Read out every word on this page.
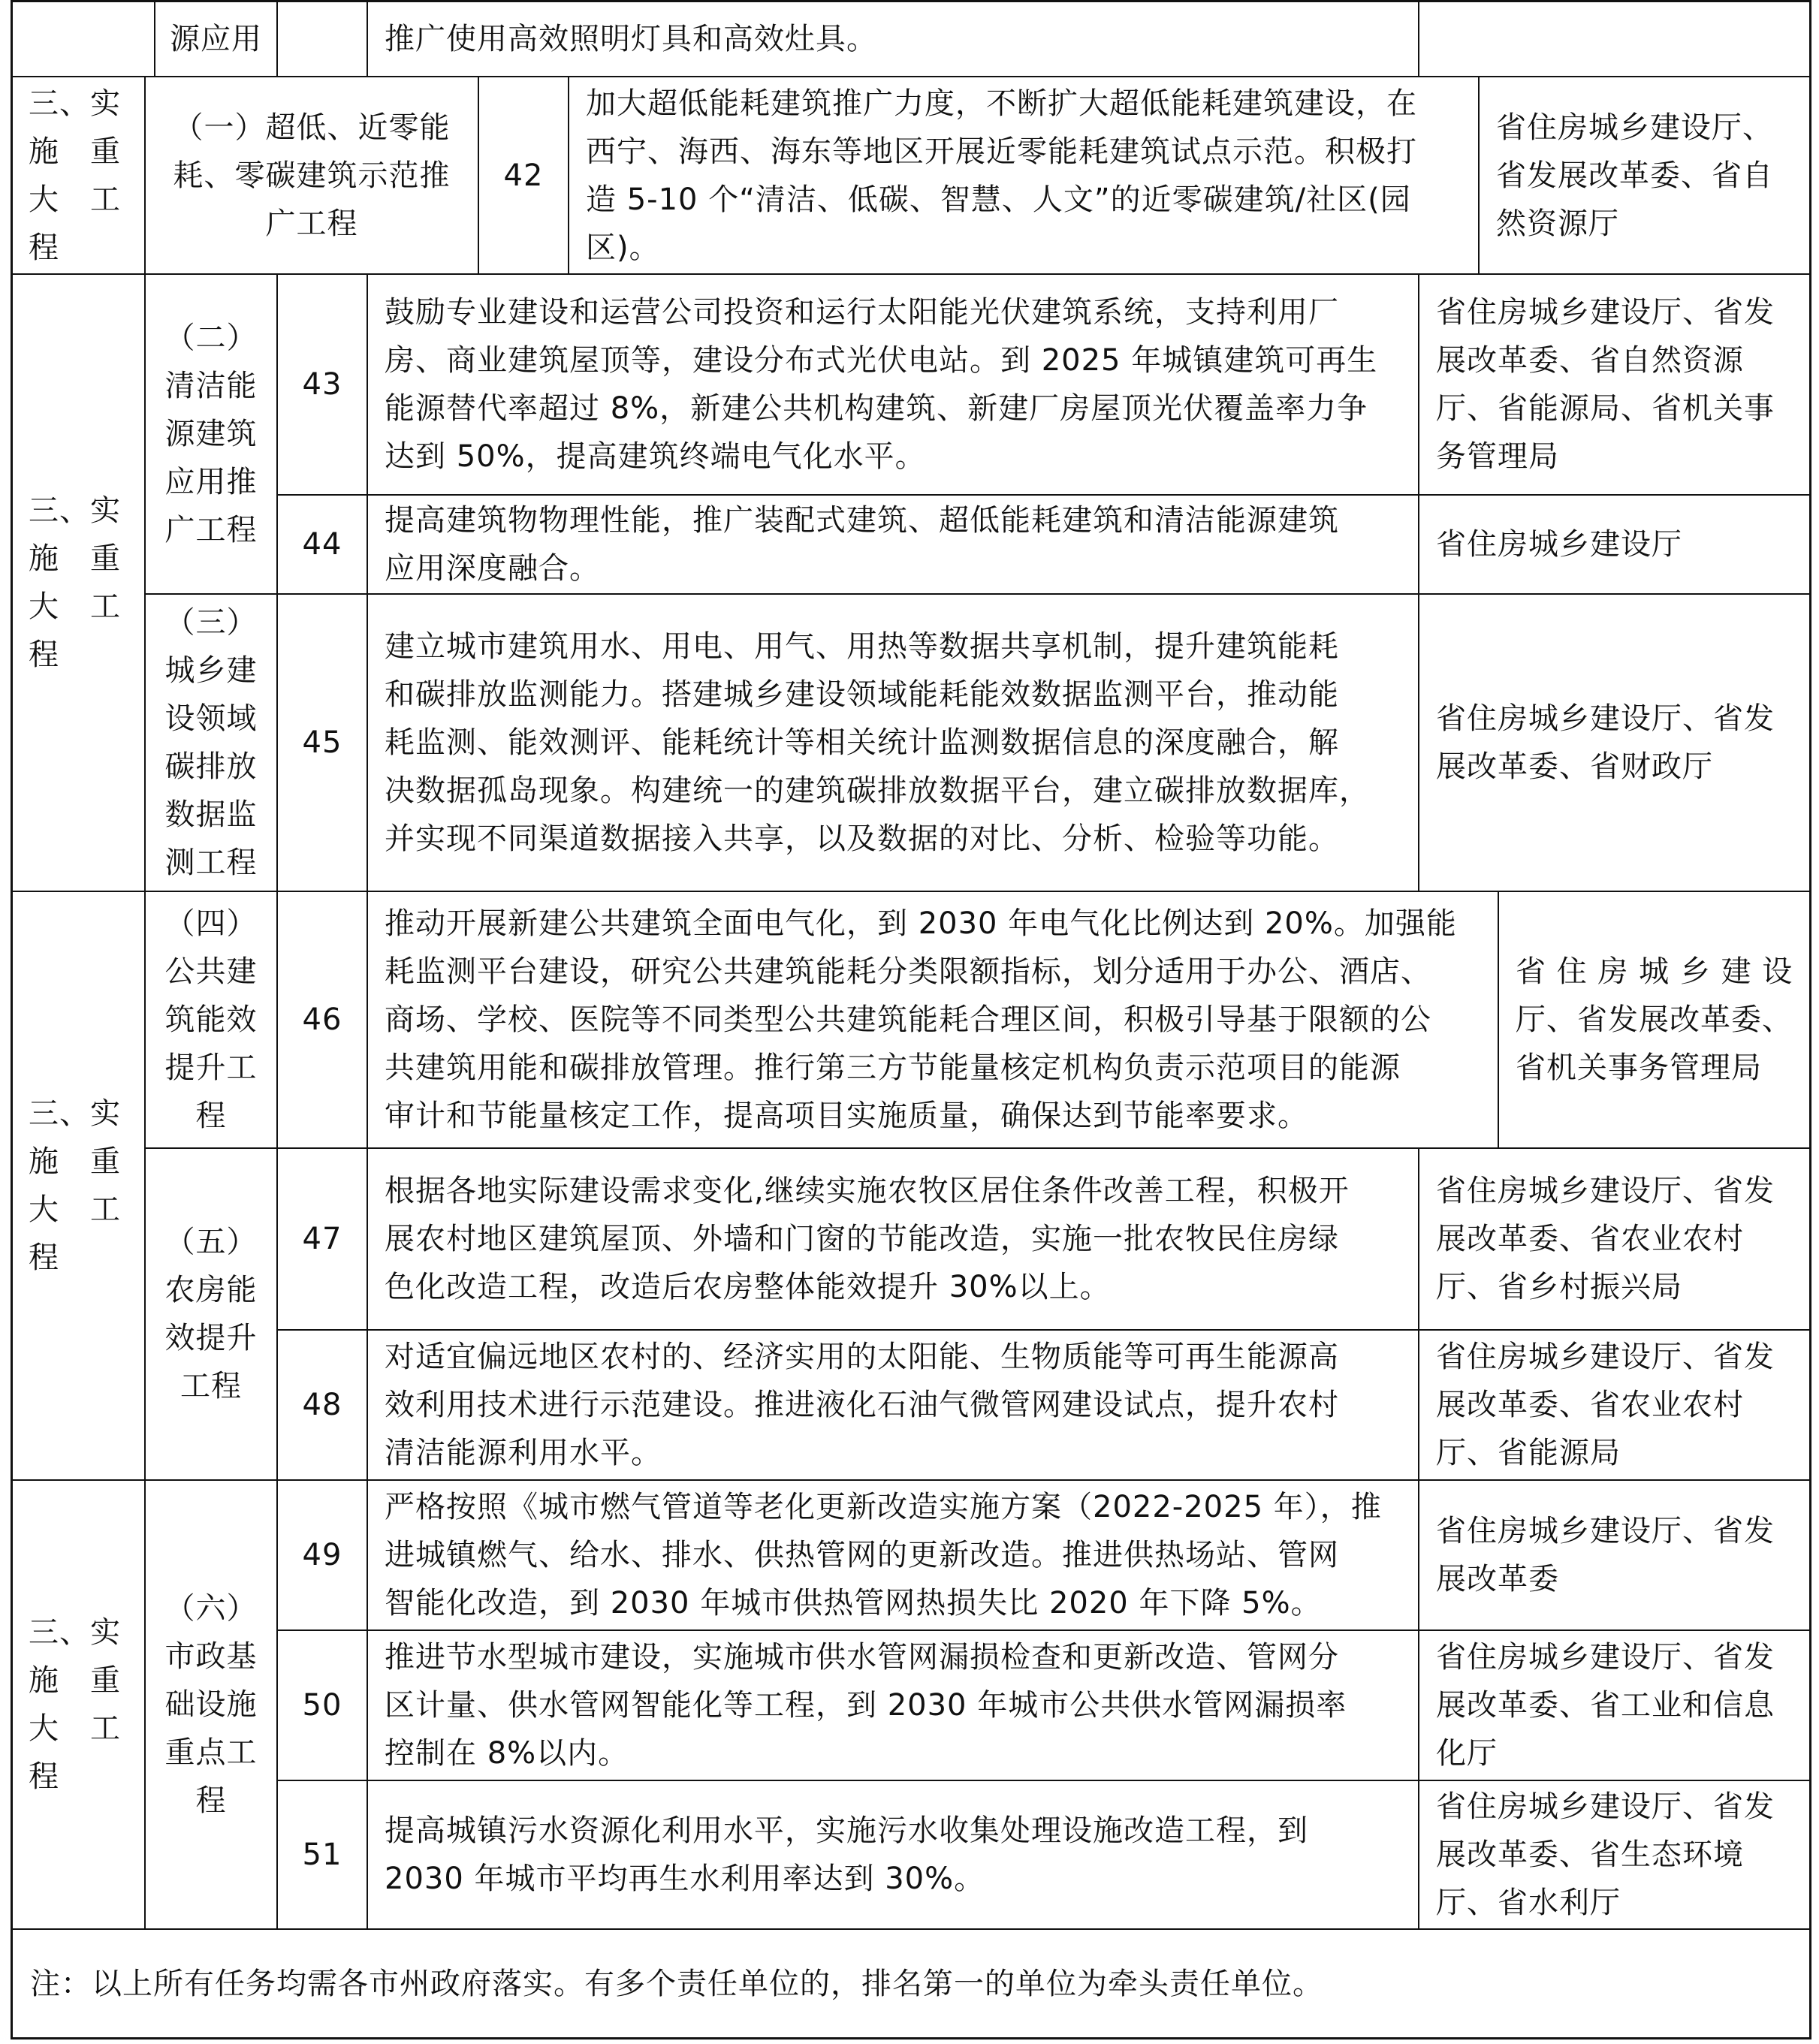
源应用	推广使用高效照明灯具和高效灶具。
三、实
施　重
大　工
程
（一）超低、近零能
耗、零碳建筑示范推
广工程
42
加大超低能耗建筑推广力度，不断扩大超低能耗建筑建设，在
西宁、海西、海东等地区开展近零能耗建筑试点示范。积极打
造 5-10 个“清洁、低碳、智慧、人文”的近零碳建筑/社区(园区)。
省住房城乡建设厅、
省发展改革委、省自
然资源厅
三、实
施　重
大　工
程
（二）
清洁能
源建筑
应用推
广工程
43
鼓励专业建设和运营公司投资和运行太阳能光伏建筑系统，支持利用厂
房、商业建筑屋顶等，建设分布式光伏电站。到 2025 年城镇建筑可再生
能源替代率超过 8%，新建公共机构建筑、新建厂房屋顶光伏覆盖率力争
达到 50%，提高建筑终端电气化水平。
省住房城乡建设厅、省发
展改革委、省自然资源
厅、省能源局、省机关事
务管理局
44
提高建筑物物理性能，推广装配式建筑、超低能耗建筑和清洁能源建筑
应用深度融合。
省住房城乡建设厅
（三）
城乡建
设领域
碳排放
数据监
测工程
45
建立城市建筑用水、用电、用气、用热等数据共享机制，提升建筑能耗
和碳排放监测能力。搭建城乡建设领域能耗能效数据监测平台，推动能
耗监测、能效测评、能耗统计等相关统计监测数据信息的深度融合，解
决数据孤岛现象。构建统一的建筑碳排放数据平台，建立碳排放数据库，
并实现不同渠道数据接入共享，以及数据的对比、分析、检验等功能。
省住房城乡建设厅、省发
展改革委、省财政厅
三、实
施　重
大　工
程
（四）
公共建
筑能效
提升工
程
46
推动开展新建公共建筑全面电气化，到 2030 年电气化比例达到 20%。加强能
耗监测平台建设，研究公共建筑能耗分类限额指标，划分适用于办公、酒店、
商场、学校、医院等不同类型公共建筑能耗合理区间，积极引导基于限额的公
共建筑用能和碳排放管理。推行第三方节能量核定机构负责示范项目的能源
审计和节能量核定工作，提高项目实施质量，确保达到节能率要求。
省 住 房 城 乡 建 设
厅、省发展改革委、
省机关事务管理局
（五）
农房能
效提升
工程
47
根据各地实际建设需求变化,继续实施农牧区居住条件改善工程，积极开
展农村地区建筑屋顶、外墙和门窗的节能改造，实施一批农牧民住房绿
色化改造工程，改造后农房整体能效提升 30%以上。
省住房城乡建设厅、省发
展改革委、省农业农村
厅、省乡村振兴局
48
对适宜偏远地区农村的、经济实用的太阳能、生物质能等可再生能源高
效利用技术进行示范建设。推进液化石油气微管网建设试点，提升农村
清洁能源利用水平。
省住房城乡建设厅、省发
展改革委、省农业农村
厅、省能源局
三、实
施　重
大　工
程
（六）
市政基
础设施
重点工
程
49
严格按照《城市燃气管道等老化更新改造实施方案（2022-2025 年），推
进城镇燃气、给水、排水、供热管网的更新改造。推进供热场站、管网
智能化改造，到 2030 年城市供热管网热损失比 2020 年下降 5%。
省住房城乡建设厅、省发
展改革委
50
推进节水型城市建设，实施城市供水管网漏损检查和更新改造、管网分
区计量、供水管网智能化等工程，到 2030 年城市公共供水管网漏损率
控制在 8%以内。
省住房城乡建设厅、省发
展改革委、省工业和信息
化厅
51
提高城镇污水资源化利用水平，实施污水收集处理设施改造工程，到
2030 年城市平均再生水利用率达到 30%。
省住房城乡建设厅、省发
展改革委、省生态环境
厅、省水利厅
注：以上所有任务均需各市州政府落实。有多个责任单位的，排名第一的单位为牵头责任单位。
